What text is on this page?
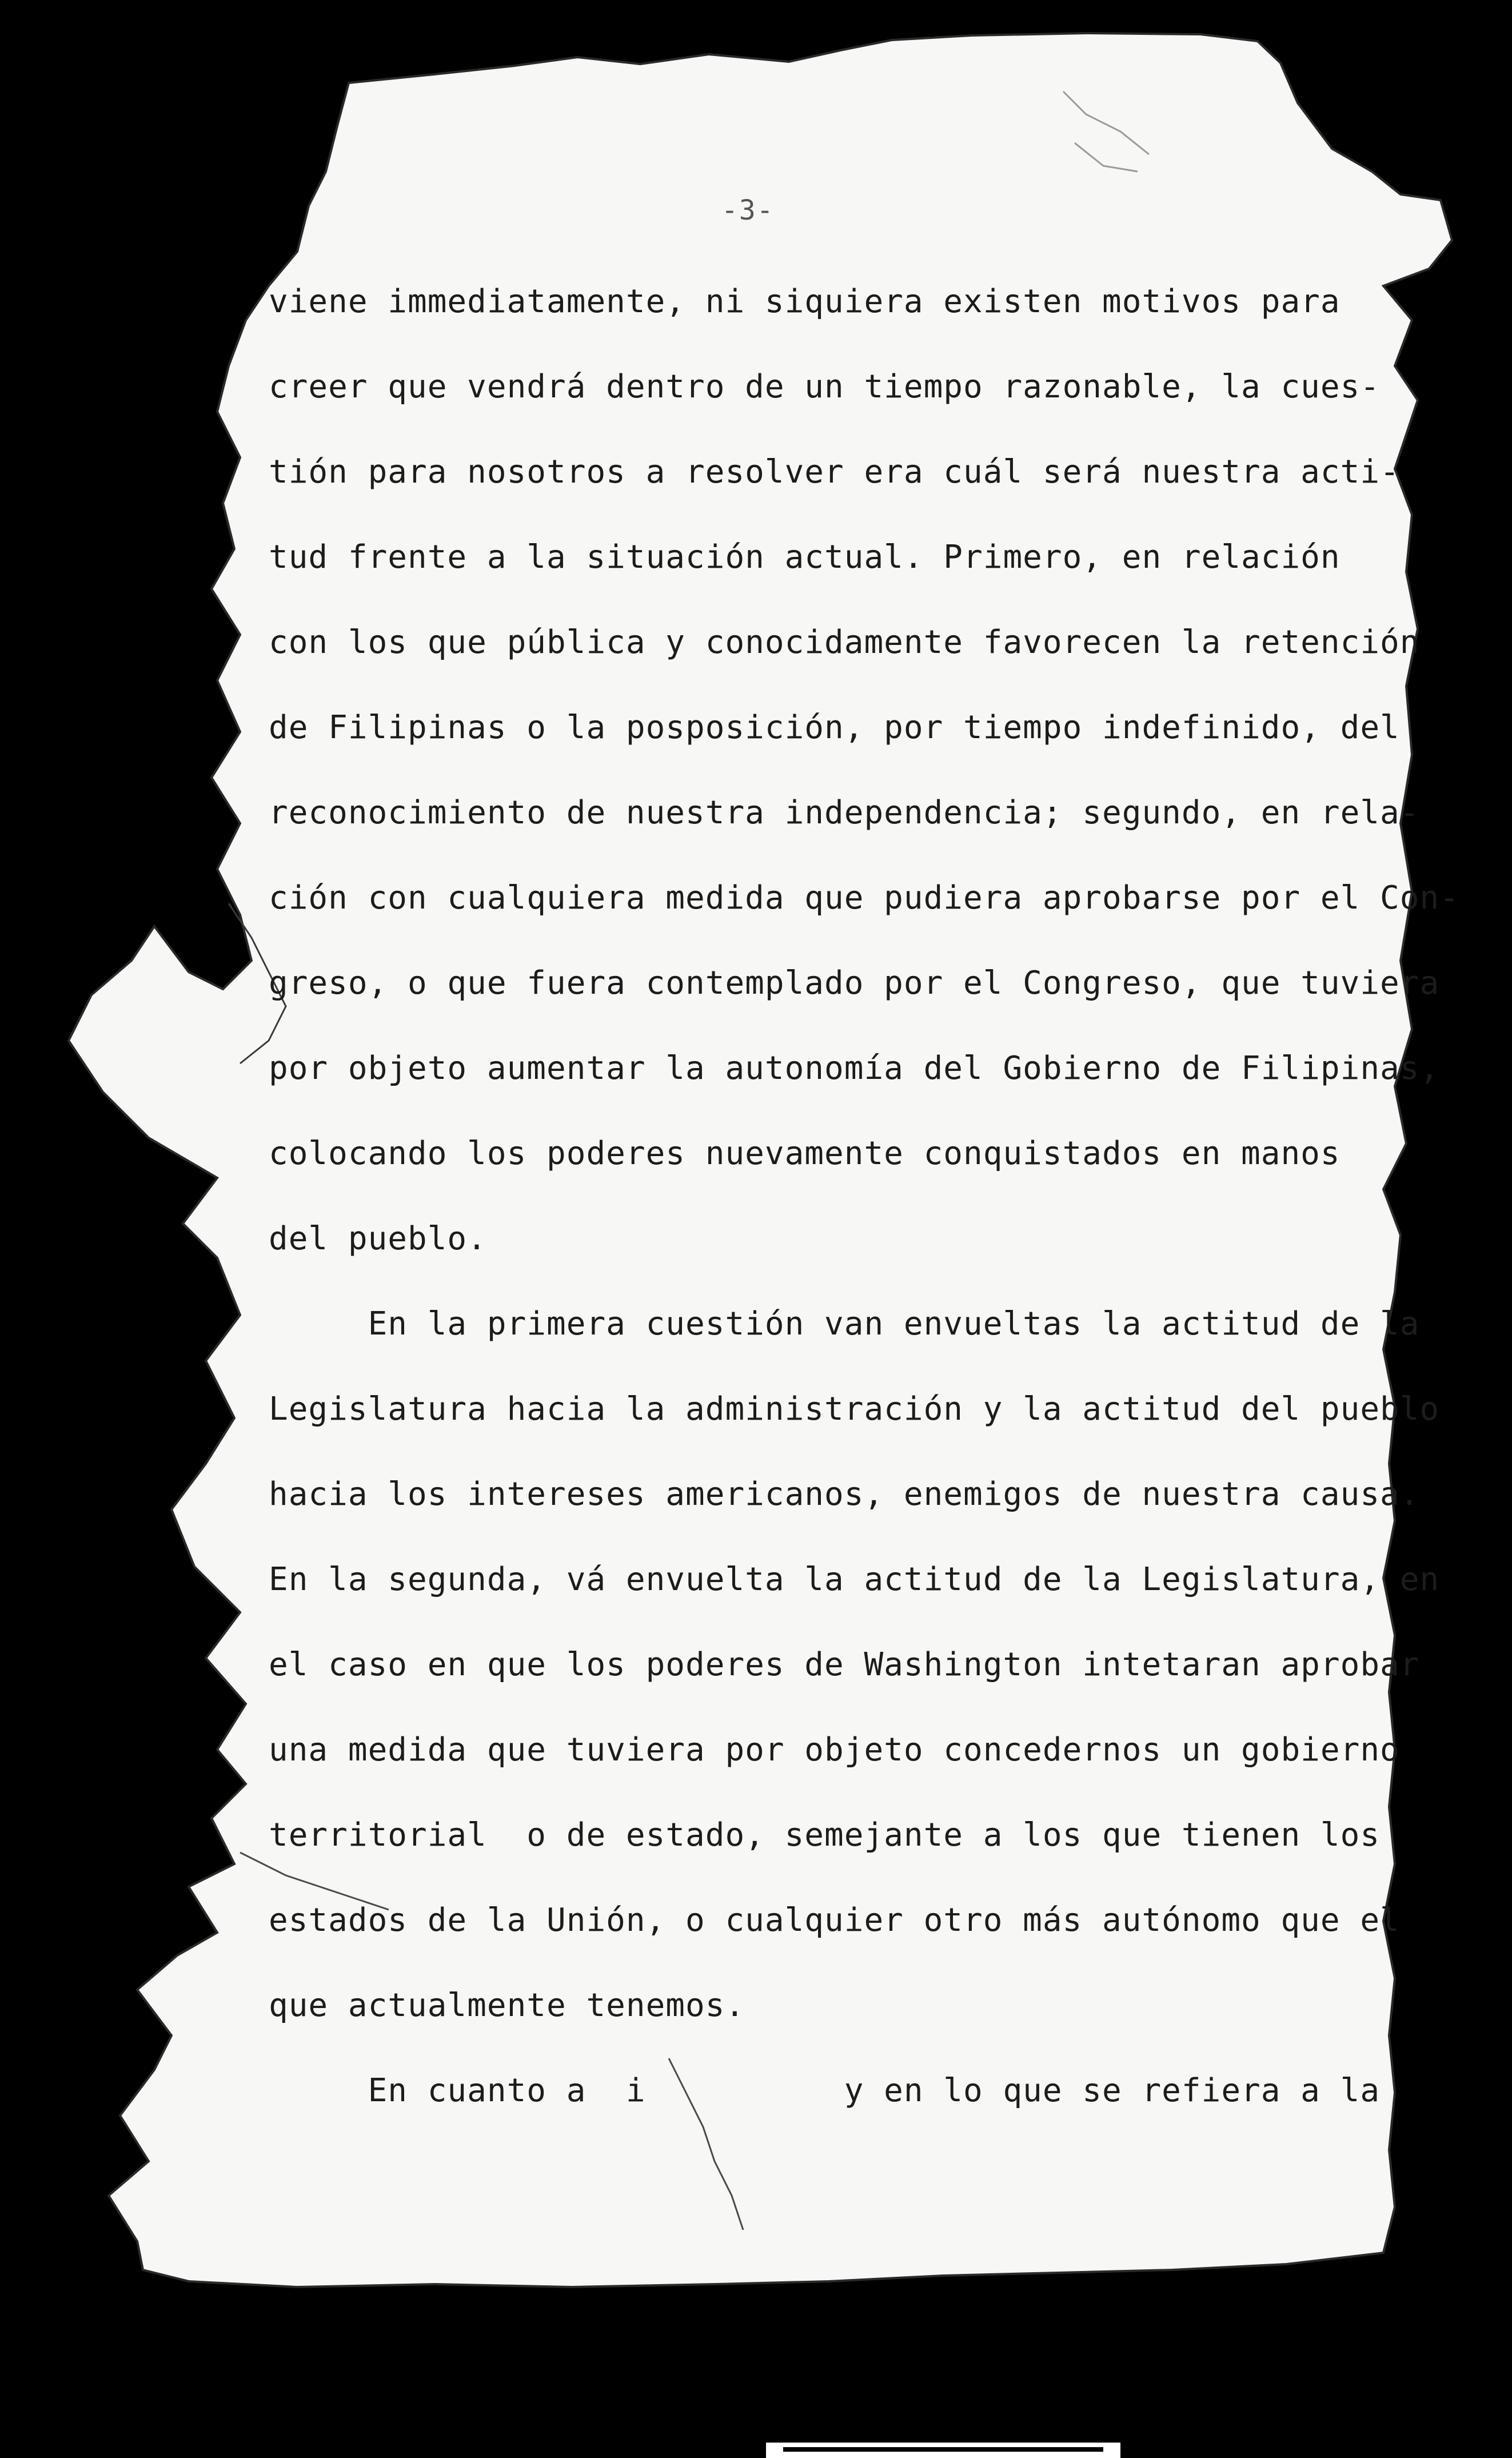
-3-
viene immediatamente, ni siquiera existen motivos para
creer que vendrá dentro de un tiempo razonable, la cues-
tión para nosotros a resolver era cuál será nuestra acti-
tud frente a la situación actual. Primero, en relación
con los que pública y conocidamente favorecen la retención
de Filipinas o la posposición, por tiempo indefinido, del
reconocimiento de nuestra independencia; segundo, en rela-
ción con cualquiera medida que pudiera aprobarse por el Con-
greso, o que fuera contemplado por el Congreso, que tuviera
por objeto aumentar la autonomía del Gobierno de Filipinas,
colocando los poderes nuevamente conquistados en manos
del pueblo.
En la primera cuestión van envueltas la actitud de la
Legislatura hacia la administración y la actitud del pueblo
hacia los intereses americanos, enemigos de nuestra causa.
En la segunda, vá envuelta la actitud de la Legislatura, en
el caso en que los poderes de Washington intetaran aprobar
una medida que tuviera por objeto concedernos un gobierno
territorial  o de estado, semejante a los que tienen los
estados de la Unión, o cualquier otro más autónomo que el
que actualmente tenemos.
En cuanto a  i          y en lo que se refiera a la
